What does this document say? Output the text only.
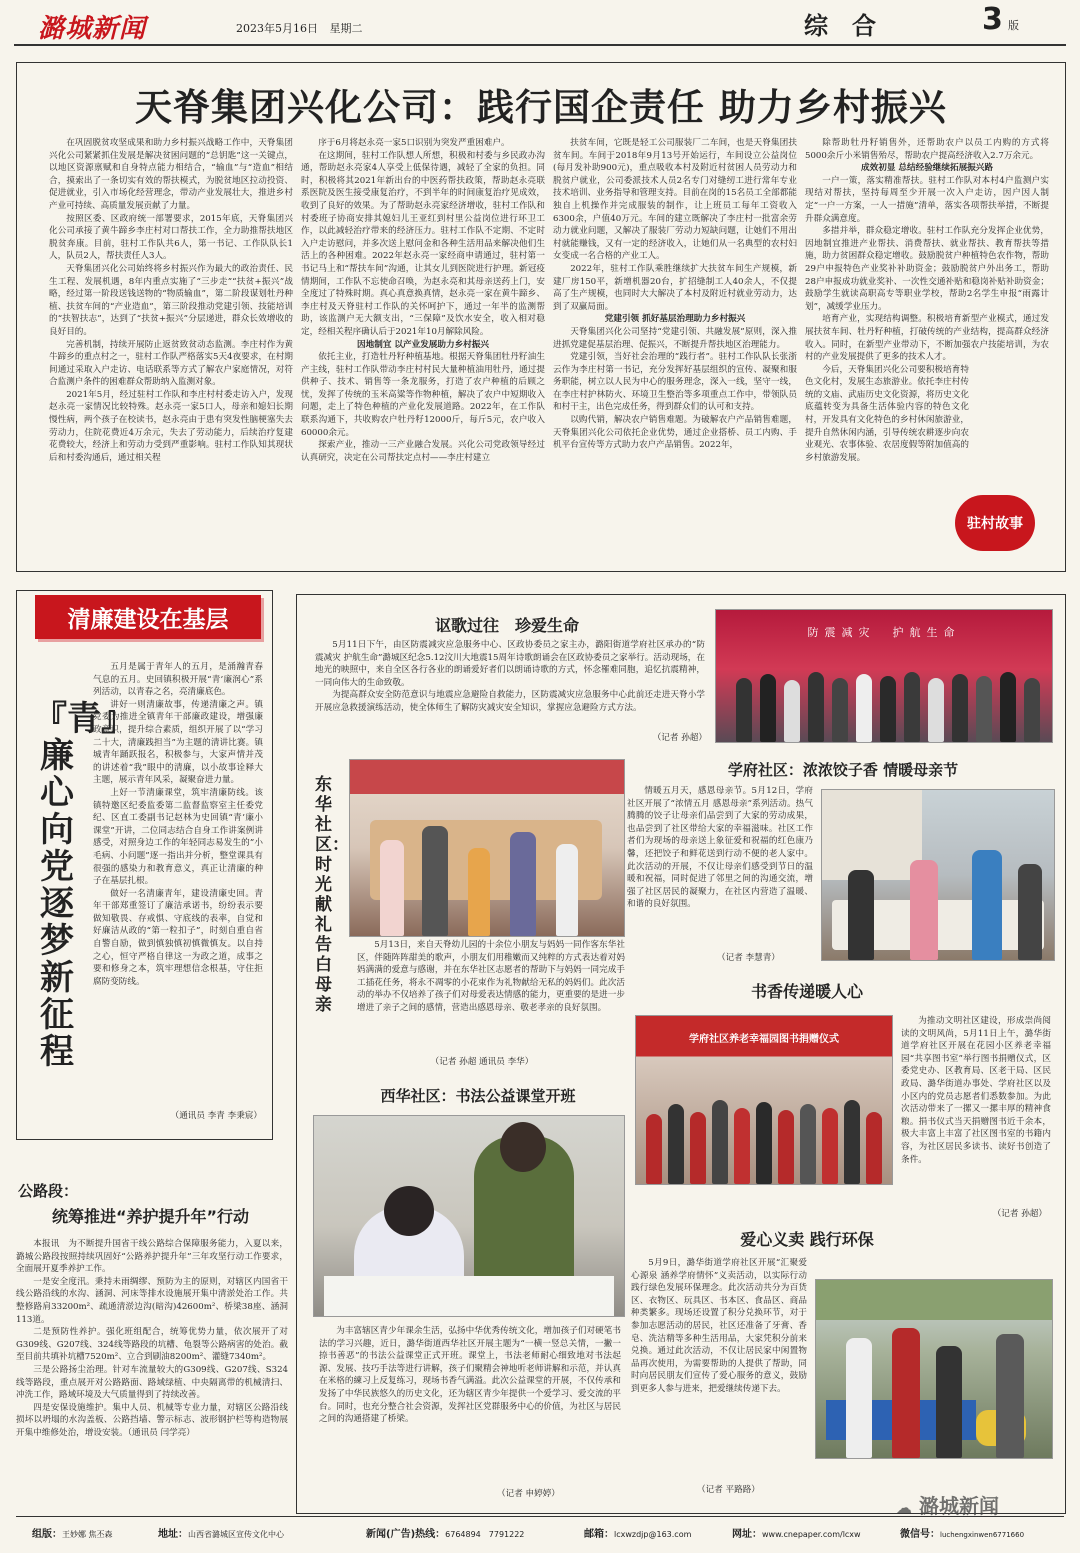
潞城新闻	2023年5月16日 星期二	综　合	3 版
天脊集团兴化公司：践行国企责任 助力乡村振兴

在巩固脱贫攻坚成果和助力乡村振兴战略工作中，天脊集团兴化公司紧紧抓住发展是解决贫困问题的“总钥匙”这一关键点，以地区资源禀赋和自身特点能力相结合，“输血”与“造血”相结合，摸索出了一条切实有效的帮扶模式，为脱贫地区拉动投资、促进就业，引入市场化经营理念，带动产业发展壮大，推进乡村产业可持续、高质量发展贡献了力量。

按照区委、区政府统一部署要求，2015年底，天脊集团兴化公司承接了黄牛蹄乡李庄村对口帮扶工作，全力助推帮扶地区脱贫奔康。目前，驻村工作队共6人，第一书记、工作队队长1人，队员2人，帮扶责任人3人。

天脊集团兴化公司始终将乡村振兴作为最大的政治责任、民生工程、发展机遇，8年内重点实施了“三步走”“扶贫+振兴”战略，经过第一阶段送钱送物的“物质输血”，第二阶段谋划牡丹种植、扶贫车间的“产业造血”，第三阶段推动党建引领、技能培训的“扶智扶志”，达到了“扶贫+振兴”分层递进，群众长效增收的良好目的。

完善机制，持续开展防止返贫致贫动态监测。李庄村作为黄牛蹄乡的重点村之一，驻村工作队严格落实5天4夜要求，在村期间通过采取入户走访、电话联系等方式了解农户家庭情况，对符合监测户条件的困难群众帮助纳入监测对象。

2021年5月，经过驻村工作队和李庄村村委走访入户，发现赵永亮一家情况比较特殊。赵永亮一家5口人，母亲和媳妇长期慢性病，两个孩子在校读书，赵永亮由于患有突发性脑梗塞失去劳动力，住院花费近4万余元，失去了劳动能力，后续治疗复建花费较大，经济上和劳动力受到严重影响。驻村工作队知其现状后和村委沟通后，通过相关程

序于6月将赵永亮一家5口识别为突发严重困难户。

在这期间，驻村工作队想人所想，积极和村委与乡民政办沟通，帮助赵永亮家4人享受上低保待遇，减轻了全家的负担。同时，积极将其2021年新出台的中医药帮扶政策，帮助赵永亮联系医院及医生接受康复治疗，不到半年的时间康复治疗见成效，收到了良好的效果。为了帮助赵永亮家经济增收，驻村工作队和村委班子协商安排其媳妇儿王亚红到村里公益岗位进行环卫工作，以此减轻治疗带来的经济压力。驻村工作队不定期、不定时入户走访慰问，并多次送上慰问金和各种生活用品来解决他们生活上的各种困难。2022年赵永亮一家经商申请通过，驻村第一书记马上和“帮扶车间”沟通，让其女儿到医院进行护理。新冠疫情期间，工作队不忘使命召唤，为赵永亮和其母亲送药上门，安全度过了特殊时期。真心真意换真情，赵永亮一家在黄牛蹄乡、李庄村及天脊驻村工作队的关怀呵护下，通过一年半的监测帮助，该监测户无大额支出，“三保障”及饮水安全，收入相对稳定，经相关程序确认后于2021年10月解除风险。

因地制宜 以产业发展助力乡村振兴

依托主业，打造牡丹籽种植基地。根据天脊集团牡丹籽油生产主线，驻村工作队带动李庄村村民大量种植油用牡丹，通过提供种子、技术、销售等一条龙服务，打造了农户种植的后顾之忧，发挥了传统的玉米高粱等作物种植，解决了农户中短期收入问题，走上了特色种植的产业化发展道路。2022年，在工作队联系沟通下，共收购农户牡丹籽12000斤，每斤5元，农户收入60000余元。

探索产业，推动一三产业融合发展。兴化公司党政领导经过认真研究，决定在公司帮扶定点村——李庄村建立

扶贫车间，它既是轻工公司服装厂二车间，也是天脊集团扶贫车间。车间于2018年9月13号开始运行，车间设立公益岗位(每月发补助900元)，重点吸收本村及附近村贫困人员劳动力和脱贫户就业，公司委派技术人员2名专门对缝纫工进行常年专业技术培训、业务指导和管理支持。目前在岗的15名员工全部都能独自上机操作并完成服装的制作，让上班员工每年工资收入6300余，户值40万元。车间的建立既解决了李庄村一批富余劳动力就业问题，又解决了服装厂劳动力短缺问题，让她们不用出村就能赚钱，又有一定的经济收入，让她们从一名典型的农村妇女变成一名合格的产业工人。

2022年，驻村工作队乘胜继续扩大扶贫车间生产规模，新建厂房150平，新增机器20台，扩招缝制工人40余人，不仅提高了生产规模，也同时大大解决了本村及附近村就业劳动力，达到了双赢局面。

党建引领 抓好基层治理助力乡村振兴

天脊集团兴化公司坚持“党建引领、共融发展”原则，深入推进抓党建促基层治理、促振兴，不断提升帮扶地区治理能力。

党建引领，当好社会治理的“践行者”。驻村工作队队长张浙云作为李庄村第一书记，充分发挥好基层组织的宣传、凝聚和服务职能，树立以人民为中心的服务理念，深入一线，坚守一线，在李庄村护林防火、环境卫生整治等多项重点工作中，带领队员和村干主，出色完成任务，得到群众们的认可和支持。

以购代销，解决农户销售难题。为破解农户产品销售难题，天脊集团兴化公司依托企业优势，通过企业搭桥、员工内购、手机平台宣传等方式助力农户产品销售。2022年，

除帮助牡丹籽销售外，还帮助农户以员工内购的方式将5000余斤小米销售殆尽，帮助农户提高经济收入2.7万余元。

成效初显 总结经验继续拓展振兴路

一户一策，落实精准帮扶。驻村工作队对本村4户监测户实现结对帮扶，坚持每周至少开展一次入户走访，因户因人制定“一户一方案，一人一措施”清单，落实各项帮扶举措，不断提升群众满意度。

多措并举，群众稳定增收。驻村工作队充分发挥企业优势，因地制宜推进产业帮扶、消费帮扶、就业帮扶、教育帮扶等措施，助力贫困群众稳定增收。鼓励脱贫户种植特色农作物，帮助29户申报特色产业奖补补助资金；鼓励脱贫户外出务工，帮助28户申报成功就业奖补、一次性交通补贴和稳岗补贴补助资金；鼓励学生就读高职高专等职业学校，帮助2名学生申报“雨露计划”，减缓学业压力。

培育产业，实现结构调整。积极培育新型产业模式，通过发展扶贫车间、牡丹籽种植，打破传统的产业结构，提高群众经济收入。同时，在新型产业带动下，不断加强农户技能培训，为农村的产业发展提供了更多的技术人才。

今后，天脊集团兴化公司要积极培育特色文化村，发展生态旅游业。依托李庄村传统的文庙、武庙历史文化资源，将历史文化底蕴转变为具备生活体验内容的特色文化村，开发具有文化特色的乡村休闲旅游业，提升自然休闲内涵，引导传统农耕逐步向农业观光、农事体验、农居度假等附加值高的乡村旅游发展。

驻村故事
清廉建设在基层
『青』廉心向党 逐梦新征程

五月是属于青年人的五月，是涌瀚青春气息的五月。史回镇积极开展“青’廉润心”系列活动，以青春之名，亮清廉底色。

讲好一则清廉故事，传递清廉之声。镇党委为推进全镇青年干部廉政建设，增强廉政意识，提升综合素质，组织开展了以“学习二十大，清廉践担当”为主题的清讲比赛。镇城青年踊跃报名，积极参与，大家声情并茂的讲述着“我”眼中的清廉，以小故事诠释大主题，展示青年风采，凝聚奋进力量。

上好一节清廉课堂，筑牢清廉防线。该镇特邀区纪委监委第二监督监察室主任委党纪、区直工委副书记赵林为史回镇“青’廉小课堂”开讲，二位同志结合自身工作讲案例讲感受，对照身边工作的年轻同志易发生的”小毛病、小问题”逐一指出并分析，整堂课具有很强的感染力和教育意义，真正让清廉的种子在基层扎根。

做好一名清廉青年，建设清廉史回。青年干部郑重签订了廉洁承诺书，纷纷表示要做知敬畏、存戒惧、守底线的表率，自觉和好廉洁从政的“第一粒扣子”，时刻自重自省自警自励，做到慎独慎初慎微慎友。以自持之心，恒守严格自律这一为政之道，成事之要和修身之本，筑牢理想信念根基，守住拒腐防变防线。

（通讯员 李青 李秉宸）
公路段：
统筹推进“养护提升年”行动

本报讯　为不断提升国省干线公路综合保障服务能力，入夏以来，潞城公路段按照持续巩固好“公路养护提升年”三年攻坚行动工作要求，全面展开夏季养护工作。

一是安全度汛。秉持未雨绸缪、预防为主的原则，对辖区内国省干线公路沿线的水沟、涵洞、河床等排水设施展开集中清淤处治工作。共整修路肩33200m²、疏通清淤边沟(暗沟)42600m²、桥梁38座、涵洞113道。

二是预防性养护。强化班组配合，统筹优势力量，依次展开了对G309线、G207线、324线等路段的坑槽、龟裂等公路病害的处治。截至目前共填补坑槽7520m²、立合到刷油8200m²、灌缝7340m²。

三是公路扬尘治理。针对车流量较大的G309线、G207线、S324线等路段，重点展开对公路路面、路域绿植、中央隔离带的机械清扫、冲洗工作，路域环境及大气质量得到了持续改善。

四是安保设施维护。集中人员、机械等专业力量，对辖区公路沿线损坏以坍塌的水沟盖板、公路挡墙、警示标志、波形钢护栏等构造物展开集中维修处治，增设安装。（通讯员 闫学亮）

讴歌过往　珍爱生命

5月11日下午，由区防震减灾应急服务中心、区政协委员之家主办，潞阳街道学府社区承办的“防震减灾 护航生命”潞城区纪念5.12汶川大地震15周年诗歌朗诵会在区政协委员之家举行。活动现场，在地光的映照中，来自全区各行各业的朗诵爱好者们以朗诵诗歌的方式，怀念罹难同胞，追忆抗震精神，一同向伟大的生命致敬。

为提高群众安全防范意识与地震应急避险自救能力，区防震减灾应急服务中心此前还走进天脊小学开展应急救援演练活动，使全体师生了解防灾减灾安全知识，掌握应急避险方式方法。

（记者 孙超）
防震减灾　护航生命
东华社区：时光献礼 告白母亲

5月13日，来自天脊幼儿园的十余位小朋友与妈妈一同作客东华社区，伴随阵阵甜美的歌声，小朋友们用稚嫩而又纯粹的方式表达着对妈妈满满的爱意与感谢，并在东华社区志愿者的帮助下与妈妈一同完成手工插花任务，将永不凋零的小花束作为礼物献给无私的妈妈们。此次活动的举办不仅培养了孩子们对母爱表达情感的能力，更重要的是进一步增进了亲子之间的感情，营造出感恩母亲、敬老孝亲的良好氛围。

（记者 孙超 通讯员 李华）
西华社区：书法公益课堂开班

为丰富辖区青少年课余生活，弘扬中华优秀传统文化，增加孩子们对硬笔书法的学习兴趣，近日，潞华街道西华社区开展主题为“一横一竖总关情，一撇一捺书善恶”的书法公益课堂正式开班。课堂上，书法老师耐心细致地对书法起源、发展、技巧手法等进行讲解，孩子们聚精会神地听老师讲解和示范，并认真在米格的練习上反复练习，现场书香气满溢。此次公益课堂的开展，不仅传承和发扬了中华民族悠久的历史文化，还为辖区青少年提供一个爱学习、爱交流的平台。同时，也充分整合社会资源，发挥社区党群服务中心的价值，为社区与居民之间的沟通搭建了桥梁。

（记者 申婷婷）
学府社区：浓浓饺子香 情暖母亲节

情暖五月天，感恩母亲节。5月12日，学府社区开展了“浓情五月 感恩母亲”系列活动。热气腾腾的饺子让母亲们品尝到了大家的劳动成果，也品尝到了社区带给大家的幸福滋味。社区工作者们为现场的母亲送上象征爱和祝福的红色康乃馨，还把饺子和鲜花送到行动不便的老人家中。此次活动的开展，不仅让母亲们感受到节日的温暖和祝福，同时促进了邻里之间的沟通交流，增强了社区居民的凝聚力，在社区内营造了温暖、和谐的良好氛围。

（记者 李慧青）
书香传递暖人心
学府社区养老幸福园图书捐赠仪式

为推动文明社区建设，形成崇尚阅读的文明风尚，5月11日上午，潞华街道学府社区开展在花园小区养老幸福园“共享图书室”举行图书捐赠仪式，区委党史办、区教育局、区老干局、区民政局、潞华街道办事处、学府社区以及小区内的党员志愿者们悉数参加。为此次活动带来了一摞又一摞丰厚的精神食粮。捐书仪式当天捐赠图书近千余本，极大丰富上丰富了社区图书室的书籍内容，为社区居民多读书、读好书创造了条件。

（记者 孙超）
爱心义卖 践行环保

5月9日，潞华街道学府社区开展“汇聚爱心源泉 涵养学府情怀”义卖活动，以实际行动践行绿色发展环保理念。此次活动共分为百货区、衣物区、玩具区、书本区、食品区、商品种类繁多。现场还设置了积分兑换环节，对于参加志愿活动的居民，社区还准备了牙膏、香皂、洗洁精等多种生活用品，大家凭积分前来兑换。通过此次活动，不仅让居民家中闲置物品再次使用，为需要帮助的人提供了帮助，同时向居民朋友们宣传了爱心服务的意义，鼓励到更多人参与进来，把爱继续传递下去。

（记者 平路路）
组版：王妙娜 焦丕森	地址：山西省潞城区宣传文化中心	新闻(广告)热线：6764894　7791222	邮箱：lcxwzdjp@163.com	网址：www.cnepaper.com/lcxw	微信号：luchengxinwen6771660
☁ 潞城新闻
